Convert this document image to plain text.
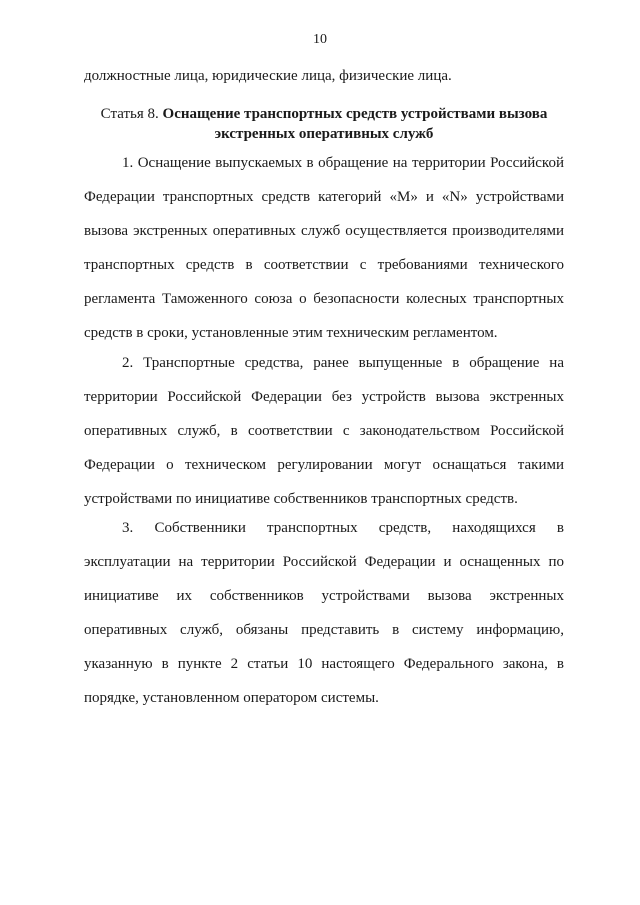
10
должностные лица, юридические лица, физические лица.
Статья 8. Оснащение транспортных средств устройствами вызова экстренных оперативных служб

1. Оснащение выпускаемых в обращение на территории Российской Федерации транспортных средств категорий «M» и «N» устройствами вызова экстренных оперативных служб осуществляется производителями транспортных средств в соответствии с требованиями технического регламента Таможенного союза о безопасности колесных транспортных средств в сроки, установленные этим техническим регламентом.

2. Транспортные средства, ранее выпущенные в обращение на территории Российской Федерации без устройств вызова экстренных оперативных служб, в соответствии с законодательством Российской Федерации о техническом регулировании могут оснащаться такими устройствами по инициативе собственников транспортных средств.

3. Собственники транспортных средств, находящихся в эксплуатации на территории Российской Федерации и оснащенных по инициативе их собственников устройствами вызова экстренных оперативных служб, обязаны представить в систему информацию, указанную в пункте 2 статьи 10 настоящего Федерального закона, в порядке, установленном оператором системы.
